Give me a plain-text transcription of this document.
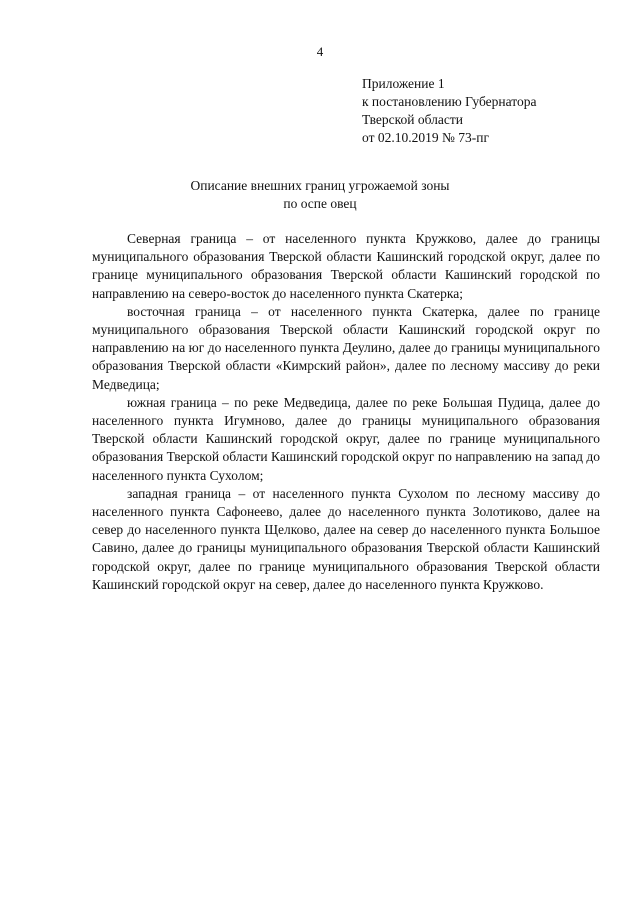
4
Приложение 1
к постановлению Губернатора
Тверской области
от 02.10.2019 № 73-пг
Описание внешних границ угрожаемой зоны
по оспе овец

Северная граница – от населенного пункта Кружково, далее до границы муниципального образования Тверской области Кашинский городской округ, далее по границе муниципального образования Тверской области Кашинский городской по направлению на северо-восток до населенного пункта Скатерка;

восточная граница – от населенного пункта Скатерка, далее по границе муниципального образования Тверской области Кашинский городской округ по направлению на юг до населенного пункта Деулино, далее до границы муниципального образования Тверской области «Кимрский район», далее по лесному массиву до реки Медведица;

южная граница – по реке Медведица, далее по реке Большая Пудица, далее до населенного пункта Игумново, далее до границы муниципального образования Тверской области Кашинский городской округ, далее по границе муниципального образования Тверской области Кашинский городской округ по направлению на запад до населенного пункта Сухолом;

западная граница – от населенного пункта Сухолом по лесному массиву до населенного пункта Сафонеево, далее до населенного пункта Золотиково, далее на север до населенного пункта Щелково, далее на север до населенного пункта Большое Савино, далее до границы муниципального образования Тверской области Кашинский городской округ, далее по границе муниципального образования Тверской области Кашинский городской округ на север, далее до населенного пункта Кружково.
